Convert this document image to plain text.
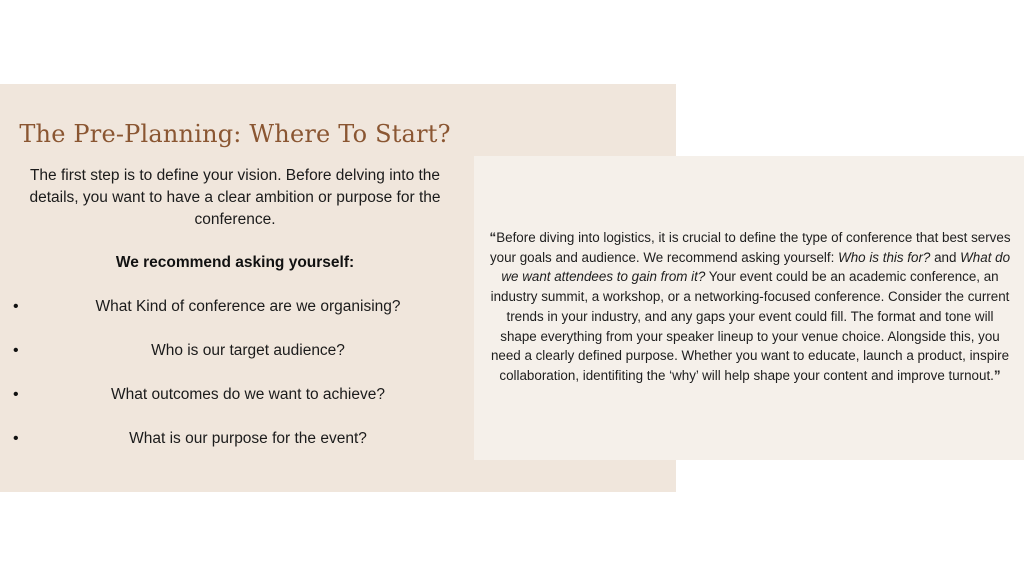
The Pre-Planning: Where To Start?

The first step is to define your vision. Before delving into the details, you want to have a clear ambition or purpose for the conference.

We recommend asking yourself:

•	What Kind of conference are we organising?
•	Who is our target audience?
•	What outcomes do we want to achieve?
•	What is our purpose for the event?

“Before diving into logistics, it is crucial to define the type of conference that best serves your goals and audience. We recommend asking yourself: Who is this for? and What do we want attendees to gain from it? Your event could be an academic conference, an industry summit, a workshop, or a networking-focused conference. Consider the current trends in your industry, and any gaps your event could fill. The format and tone will shape everything from your speaker lineup to your venue choice. Alongside this, you need a clearly defined purpose. Whether you want to educate, launch a product, inspire collaboration, identifiting the ‘why’ will help shape your content and improve turnout.”
